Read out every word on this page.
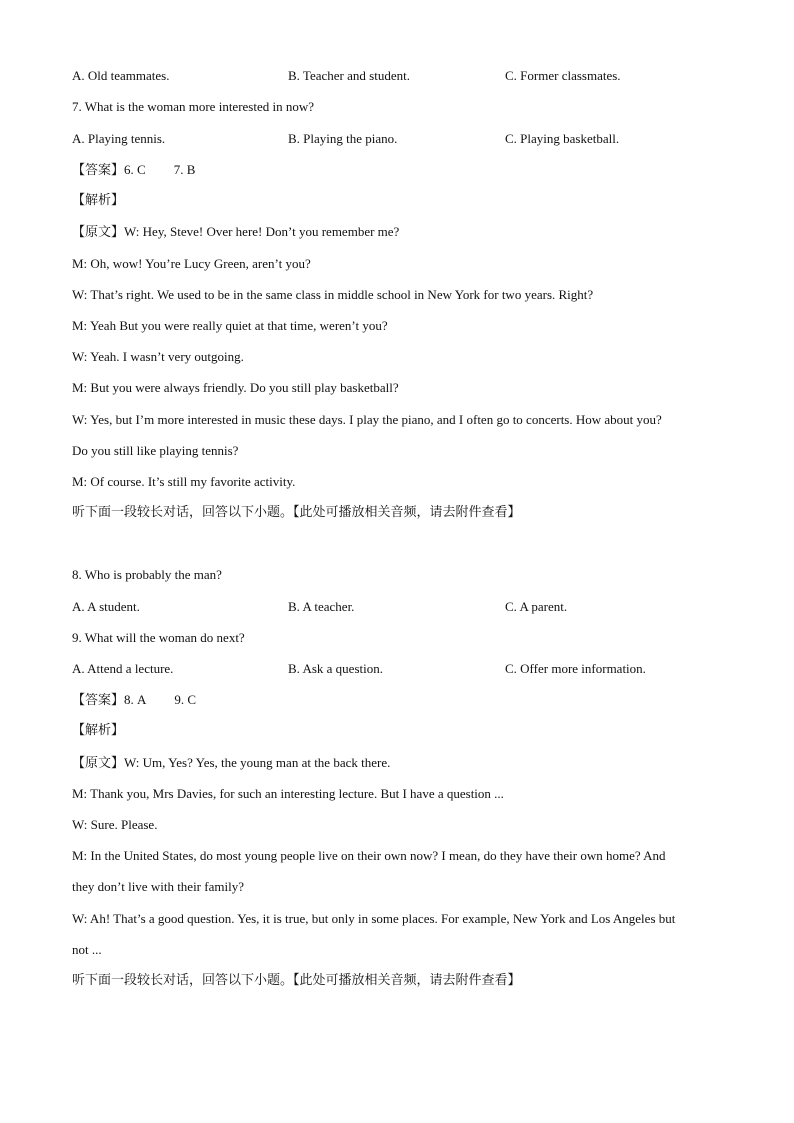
A. Old teammates.	B. Teacher and student.	C. Former classmates.
7. What is the woman more interested in now?
A. Playing tennis.	B. Playing the piano.	C. Playing basketball.
【答案】6. C 7. B
【解析】
【原文】W: Hey, Steve! Over here! Don’t you remember me?
M: Oh, wow! You’re Lucy Green, aren’t you?
W: That’s right. We used to be in the same class in middle school in New York for two years. Right?
M: Yeah But you were really quiet at that time, weren’t you?
W: Yeah. I wasn’t very outgoing.
M: But you were always friendly. Do you still play basketball?
W: Yes, but I’m more interested in music these days. I play the piano, and I often go to concerts. How about you?
Do you still like playing tennis?
M: Of course. It’s still my favorite activity.
听下面一段较长对话，回答以下小题。【此处可播放相关音频，请去附件查看】
8. Who is probably the man?
A. A student.	B. A teacher.	C. A parent.
9. What will the woman do next?
A. Attend a lecture.	B. Ask a question.	C. Offer more information.
【答案】8. A 9. C
【解析】
【原文】W: Um, Yes? Yes, the young man at the back there.
M: Thank you, Mrs Davies, for such an interesting lecture. But I have a question ...
W: Sure. Please.
M: In the United States, do most young people live on their own now? I mean, do they have their own home? And
they don’t live with their family?
W: Ah! That’s a good question. Yes, it is true, but only in some places. For example, New York and Los Angeles but
not ...
听下面一段较长对话，回答以下小题。【此处可播放相关音频，请去附件查看】
